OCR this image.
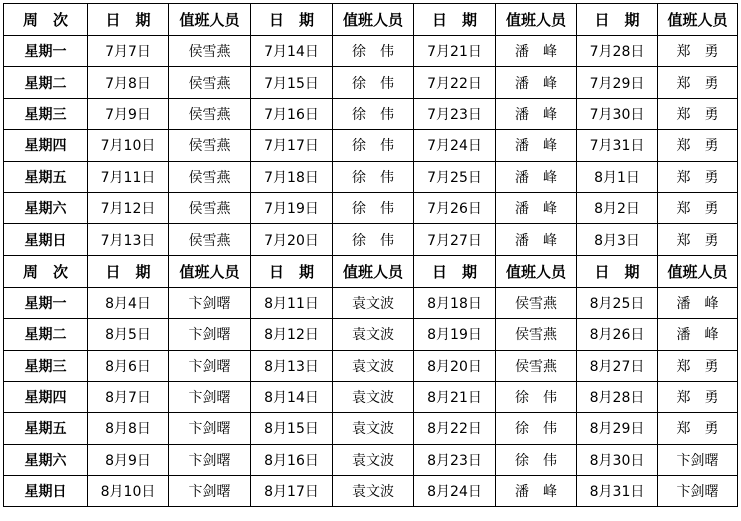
周　次	日　期	值班人员	日　期	值班人员	日　期	值班人员	日　期	值班人员
星期一	7月7日	侯雪燕	7月14日	徐　伟	7月21日	潘　峰	7月28日	郑　勇
星期二	7月8日	侯雪燕	7月15日	徐　伟	7月22日	潘　峰	7月29日	郑　勇
星期三	7月9日	侯雪燕	7月16日	徐　伟	7月23日	潘　峰	7月30日	郑　勇
星期四	7月10日	侯雪燕	7月17日	徐　伟	7月24日	潘　峰	7月31日	郑　勇
星期五	7月11日	侯雪燕	7月18日	徐　伟	7月25日	潘　峰	8月1日	郑　勇
星期六	7月12日	侯雪燕	7月19日	徐　伟	7月26日	潘　峰	8月2日	郑　勇
星期日	7月13日	侯雪燕	7月20日	徐　伟	7月27日	潘　峰	8月3日	郑　勇
周　次	日　期	值班人员	日　期	值班人员	日　期	值班人员	日　期	值班人员
星期一	8月4日	卞剑曙	8月11日	袁文波	8月18日	侯雪燕	8月25日	潘　峰
星期二	8月5日	卞剑曙	8月12日	袁文波	8月19日	侯雪燕	8月26日	潘　峰
星期三	8月6日	卞剑曙	8月13日	袁文波	8月20日	侯雪燕	8月27日	郑　勇
星期四	8月7日	卞剑曙	8月14日	袁文波	8月21日	徐　伟	8月28日	郑　勇
星期五	8月8日	卞剑曙	8月15日	袁文波	8月22日	徐　伟	8月29日	郑　勇
星期六	8月9日	卞剑曙	8月16日	袁文波	8月23日	徐　伟	8月30日	卞剑曙
星期日	8月10日	卞剑曙	8月17日	袁文波	8月24日	潘　峰	8月31日	卞剑曙
